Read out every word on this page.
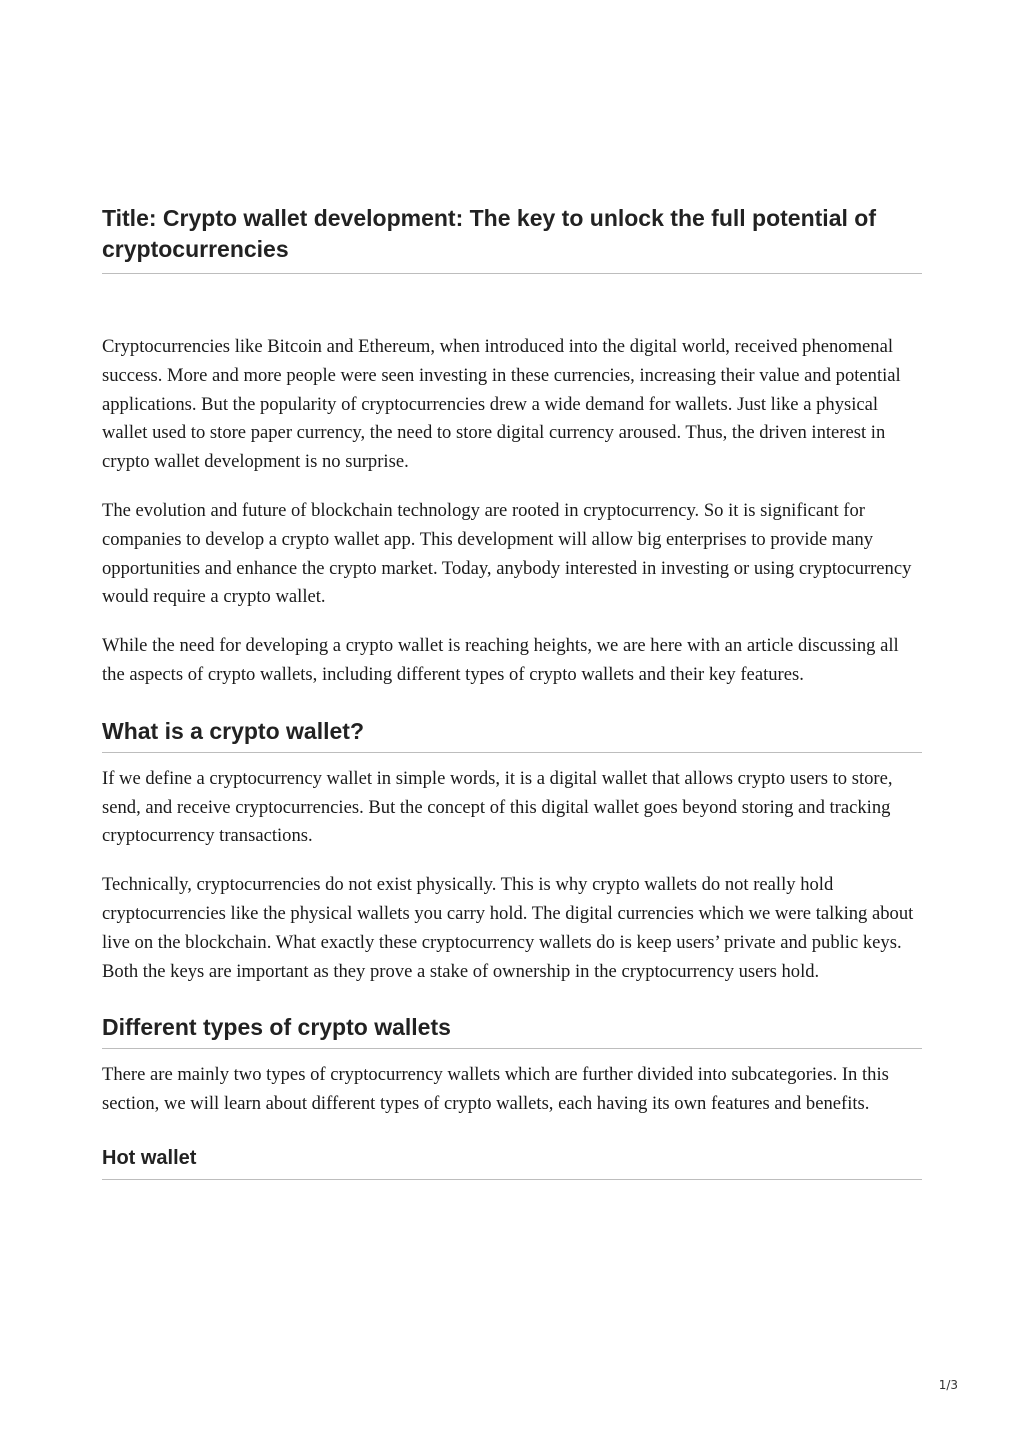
Title: Crypto wallet development: The key to unlock the full potential of cryptocurrencies

Cryptocurrencies like Bitcoin and Ethereum, when introduced into the digital world, received phenomenal success. More and more people were seen investing in these currencies, increasing their value and potential applications. But the popularity of cryptocurrencies drew a wide demand for wallets. Just like a physical wallet used to store paper currency, the need to store digital currency aroused. Thus, the driven interest in crypto wallet development is no surprise.

The evolution and future of blockchain technology are rooted in cryptocurrency. So it is significant for companies to develop a crypto wallet app. This development will allow big enterprises to provide many opportunities and enhance the crypto market. Today, anybody interested in investing or using cryptocurrency would require a crypto wallet.

While the need for developing a crypto wallet is reaching heights, we are here with an article discussing all the aspects of crypto wallets, including different types of crypto wallets and their key features.

What is a crypto wallet?

If we define a cryptocurrency wallet in simple words, it is a digital wallet that allows crypto users to store, send, and receive cryptocurrencies. But the concept of this digital wallet goes beyond storing and tracking cryptocurrency transactions.

Technically, cryptocurrencies do not exist physically. This is why crypto wallets do not really hold cryptocurrencies like the physical wallets you carry hold. The digital currencies which we were talking about live on the blockchain. What exactly these cryptocurrency wallets do is keep users’ private and public keys. Both the keys are important as they prove a stake of ownership in the cryptocurrency users hold.

Different types of crypto wallets

There are mainly two types of cryptocurrency wallets which are further divided into subcategories. In this section, we will learn about different types of crypto wallets, each having its own features and benefits.

Hot wallet
1/3
